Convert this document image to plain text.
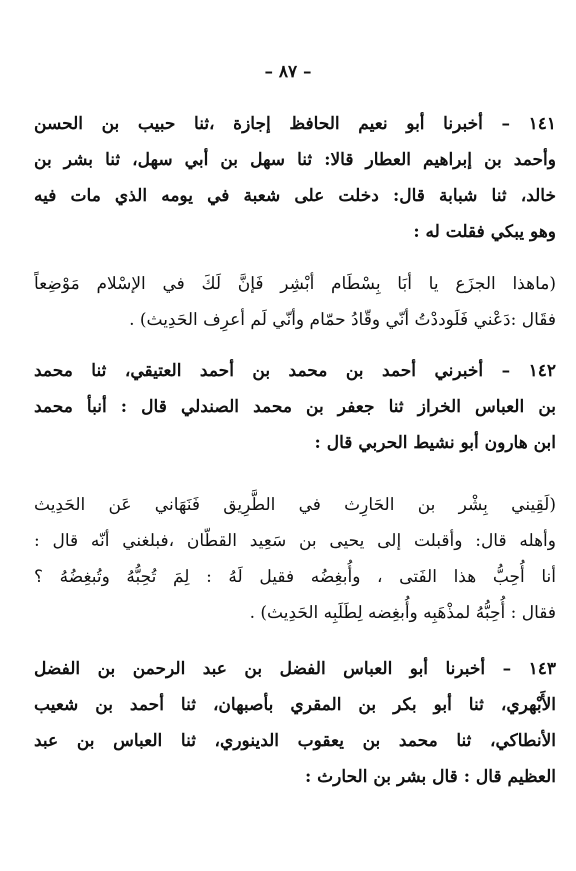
– ٨٧ –
١٤١ – أخبرنا أبو نعيم الحافظ إجازة ،ثنا حبيب بن الحسن
وأحمد بن إبراهيم العطار قالا: ثنا سهل بن أبي سهل، ثنا بشر بن
خالد، ثنا شبابة قال: دخلت على شعبة في يومه الذي مات فيه
وهو يبكي فقلت له :
(ماهذا الجزَع يا أبَا بِسْطَام أبْشِر فَإنَّ لَكَ في الإسْلام مَوْضِعاً
فقَال :دَعْني فَلَوددْتُ أنّي وقّادُ حمّام وأنّي لَم أعرِف الحَدِيث) .
١٤٢ – أخبرني أحمد بن محمد بن أحمد العتيقي، ثنا محمد
بن العباس الخراز ثنا جعفر بن محمد الصندلي قال : أنبأ محمد
ابن هارون أبو نشيط الحربي قال :
(لَقِيني بِشْر بن الحَارِث في الطَّرِيق فَنَهَاني عَن الحَدِيث
وأهله قال: وأقبلت إلى يحيى بن سَعِيد القطّان ،فبلغني أنّه قال :
أنا أُحِبُّ هذا الفَتى ، وأُبغِضُه فقيل لَهُ : لِمَ تُحِبُّهُ وتُبغِضُهُ ؟
فقال : أُحِبُّهُ لمذْهَبِه وأُبغِضه لِطَلَبِه الحَدِيث) .
١٤٣ – أخبرنا أبو العباس الفضل بن عبد الرحمن بن الفضل
الأَبْهري، ثنا أبو بكر بن المقري بأصبهان، ثنا أحمد بن شعيب
الأنطاكي، ثنا محمد بن يعقوب الدينوري، ثنا العباس بن عبد
العظيم قال : قال بشر بن الحارث :
